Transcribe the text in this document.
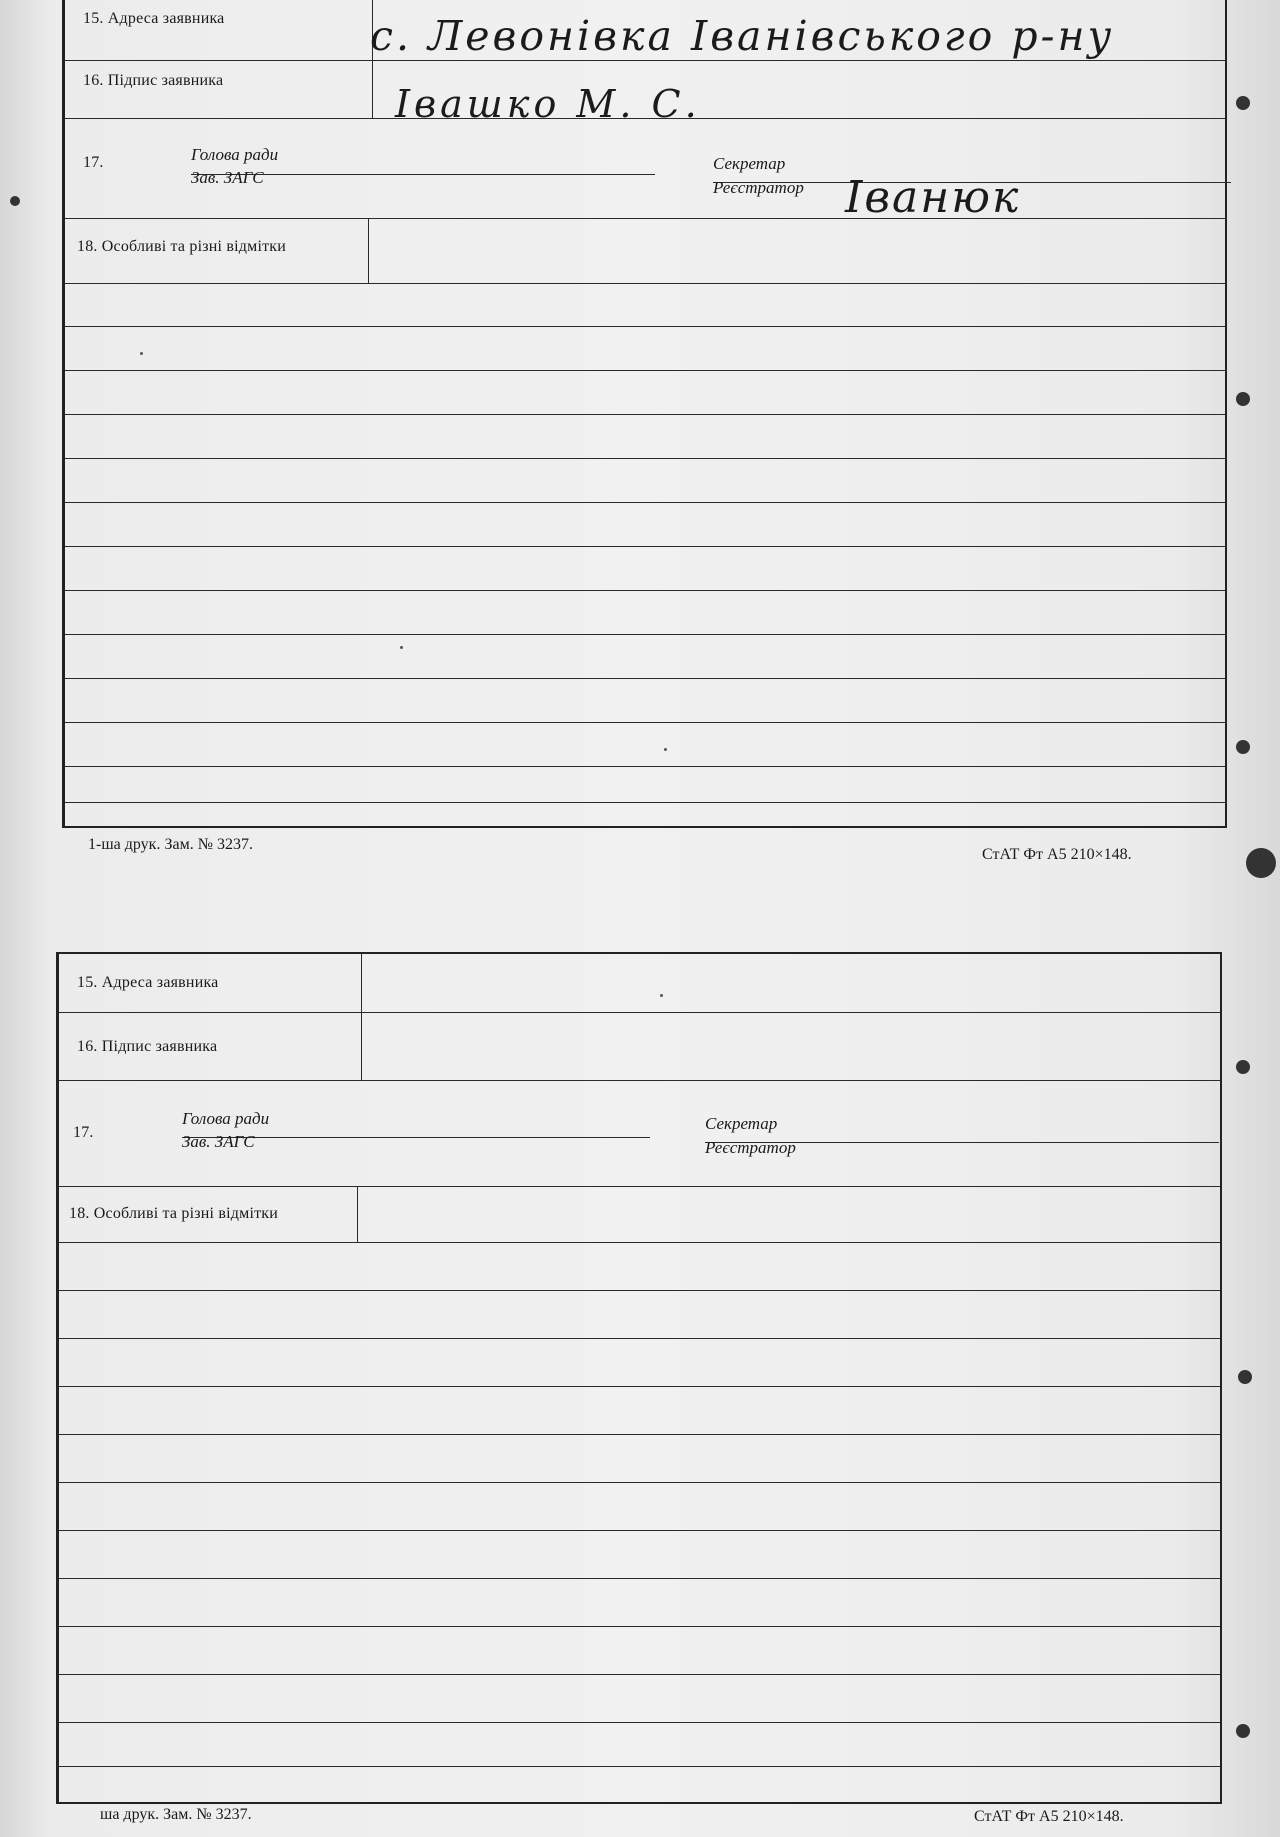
15. Адреса заявника
16. Підпис заявника
17.	Голова ради
Зав. ЗАГС
Секретар
Реєстратор
18. Особливі та різні відмітки
с. Левонівка Іванівського р-ну
Івашко М. С.
Іванюк
1-ша друк. Зам. № 3237.
СтАТ Фт А5 210×148.
15. Адреса заявника
16. Підпис заявника
17.
Голова ради
Зав. ЗАГС
Секретар
Реєстратор
18. Особливі та різні відмітки
ша друк. Зам. № 3237.	СтАТ Фт А5 210×148.
